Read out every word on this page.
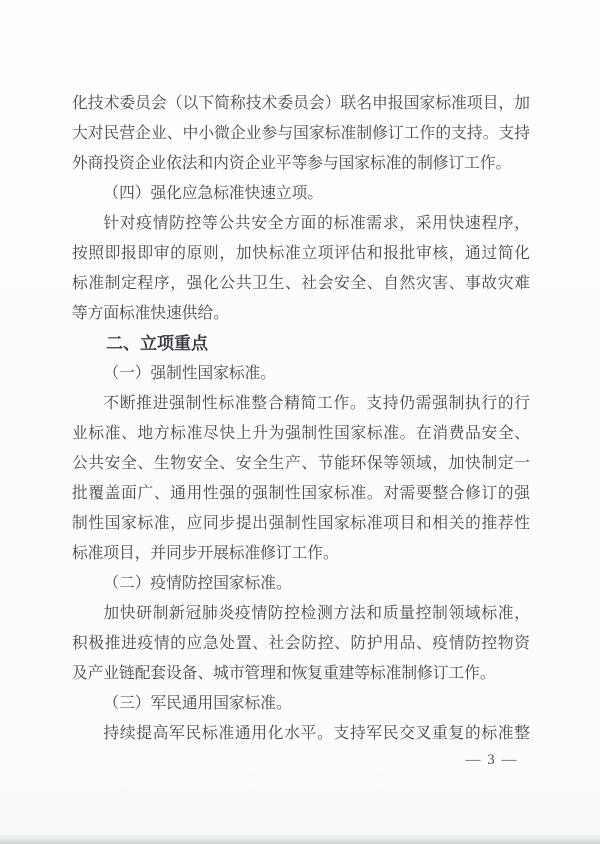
化技术委员会（以下简称技术委员会）联名申报国家标准项目，加
大对民营企业、中小微企业参与国家标准制修订工作的支持。支持
外商投资企业依法和内资企业平等参与国家标准的制修订工作。
（四）强化应急标准快速立项。
针对疫情防控等公共安全方面的标准需求，采用快速程序，
按照即报即审的原则，加快标准立项评估和报批审核，通过简化
标准制定程序，强化公共卫生、社会安全、自然灾害、事故灾难
等方面标准快速供给。
二、立项重点
（一）强制性国家标准。
不断推进强制性标准整合精简工作。支持仍需强制执行的行
业标准、地方标准尽快上升为强制性国家标准。在消费品安全、
公共安全、生物安全、安全生产、节能环保等领域，加快制定一
批覆盖面广、通用性强的强制性国家标准。对需要整合修订的强
制性国家标准，应同步提出强制性国家标准项目和相关的推荐性
标准项目，并同步开展标准修订工作。
（二）疫情防控国家标准。
加快研制新冠肺炎疫情防控检测方法和质量控制领域标准，
积极推进疫情的应急处置、社会防控、防护用品、疫情防控物资
及产业链配套设备、城市管理和恢复重建等标准制修订工作。
（三）军民通用国家标准。
持续提高军民标准通用化水平。支持军民交叉重复的标准整
— 3 —
